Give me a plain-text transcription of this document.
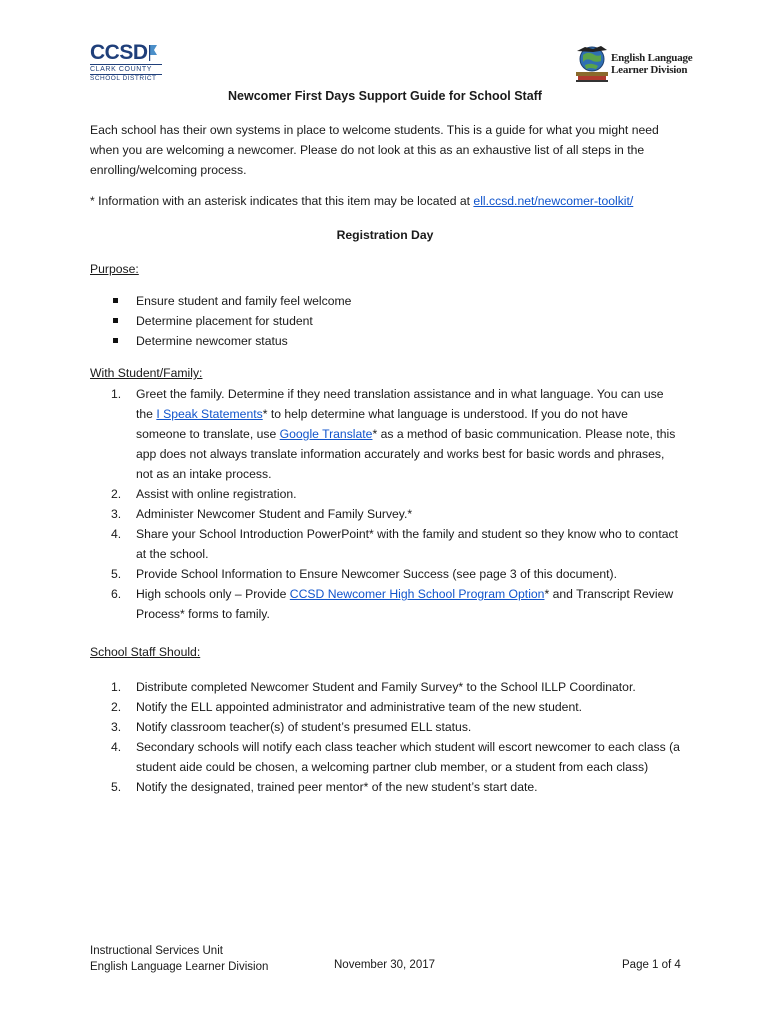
CCSD
CLARK COUNTY
SCHOOL DISTRICT
English Language
Learner Division
Newcomer First Days Support Guide for School Staff
Each school has their own systems in place to welcome students. This is a guide for what you might need when you are welcoming a newcomer. Please do not look at this as an exhaustive list of all steps in the enrolling/welcoming process.
* Information with an asterisk indicates that this item may be located at ell.ccsd.net/newcomer-toolkit/
Registration Day
Purpose:
Ensure student and family feel welcome
Determine placement for student
Determine newcomer status
With Student/Family:
1. Greet the family. Determine if they need translation assistance and in what language. You can use the I Speak Statements* to help determine what language is understood. If you do not have someone to translate, use Google Translate* as a method of basic communication. Please note, this app does not always translate information accurately and works best for basic words and phrases, not as an intake process.
2. Assist with online registration.
3. Administer Newcomer Student and Family Survey.*
4. Share your School Introduction PowerPoint* with the family and student so they know who to contact at the school.
5. Provide School Information to Ensure Newcomer Success (see page 3 of this document).
6. High schools only – Provide CCSD Newcomer High School Program Option* and Transcript Review Process* forms to family.
School Staff Should:
1. Distribute completed Newcomer Student and Family Survey* to the School ILLP Coordinator.
2. Notify the ELL appointed administrator and administrative team of the new student.
3. Notify classroom teacher(s) of student’s presumed ELL status.
4. Secondary schools will notify each class teacher which student will escort newcomer to each class (a student aide could be chosen, a welcoming partner club member, or a student from each class)
5. Notify the designated, trained peer mentor* of the new student’s start date.
Instructional Services Unit
English Language Learner Division	November 30, 2017	Page 1 of 4
